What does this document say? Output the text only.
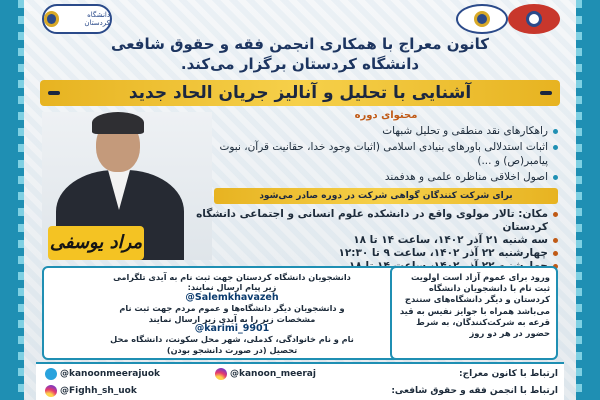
دانشگاه کردستان
کانون معراج با همکاری انجمن فقه و حقوق شافعی
دانشگاه کردستان برگزار می‌کند.
آشنایی با تحلیل و آنالیز جریان الحاد جدید
مراد یوسفی
محتوای دوره
راهکارهای نقد منطقی و تحلیل شبهات
اثبات استدلالی باورهای بنیادی اسلامی (اثبات وجود خدا، حقانیت قرآن، نبوت پیامبر(ص) و ...)
اصول اخلاقی مناظره علمی و هدفمند
برای شرکت کنندگان گواهی شرکت در دوره صادر می‌شود
مکان: تالار مولوی واقع در دانشکده علوم انسانی و اجتماعی دانشگاه کردستان
سه شنبه ۲۱ آذر ۱۴۰۲، ساعت ۱۴ تا ۱۸
چهارشنبه ۲۲ آذر ۱۴۰۲، ساعت ۹ تا ۱۲:۳۰
دانشجویان دانشگاه کردستان جهت ثبت نام به آیدی تلگرامی
زیر پیام ارسال نمایند:
@Salemkhavazeh
و دانشجویان دیگر دانشگاه‌ها و عموم مردم جهت ثبت نام
مشخصات زیر را به آیدی زیر ارسال نمایند
@karimi_9901
نام و نام خانوادگی، کدملی، شهر محل سکونت، دانشگاه محل
تحصیل (در صورت دانشجو بودن)
ورود برای عموم آزاد است اولویت ثبت نام با دانشجویان دانشگاه کردستان و دیگر دانشگاه‌های سنندج می‌باشد همراه با جوایز نفیس به قید قرعه به شرکت‌کنندگان، به شرط حضور در هر دو روز
@kanoonmeerajuok	@kanoon_meeraj	ارتباط با کانون معراج:
@Fighh_sh_uok	ارتباط با انجمن فقه و حقوق شافعی:
